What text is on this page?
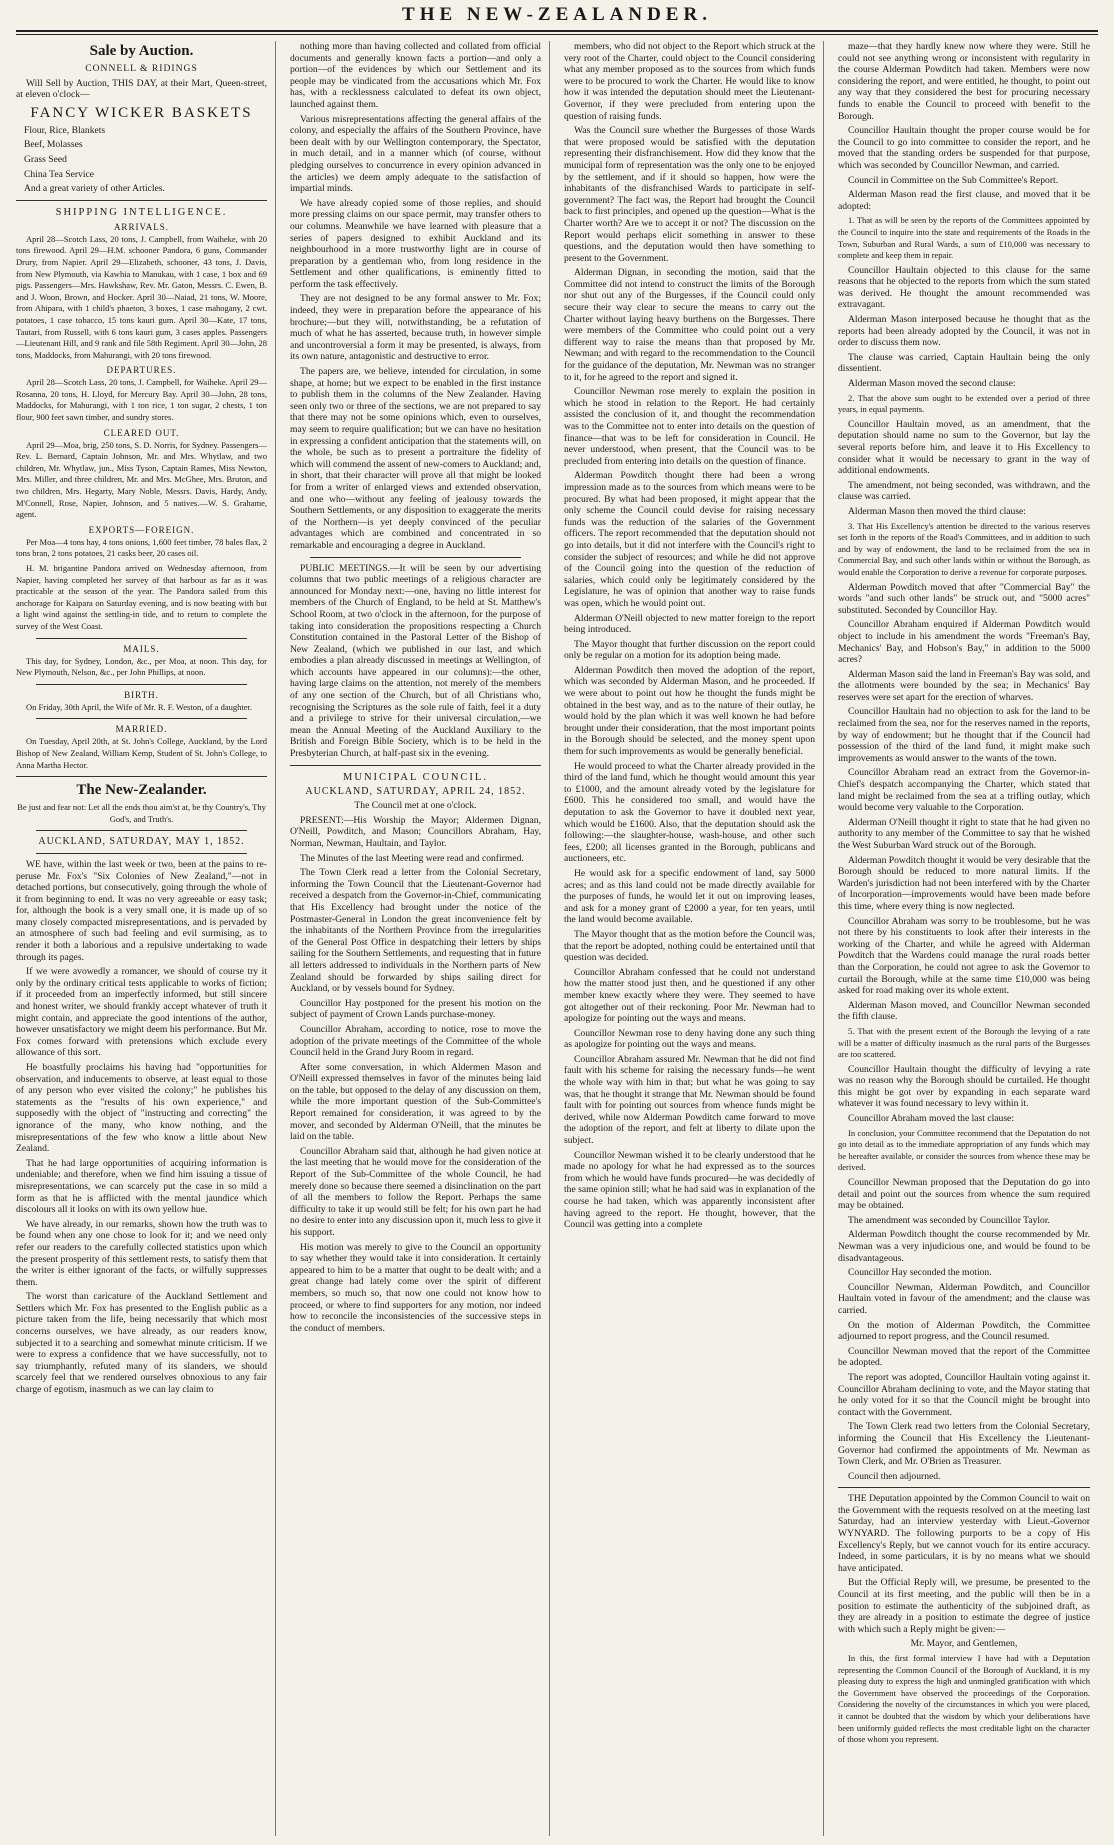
THE NEW-ZEALANDER.
Sale by Auction.
CONNELL & RIDINGS

Will Sell by Auction, THIS DAY, at their Mart, Queen-street, at eleven o'clock—

FANCY WICKER BASKETS

Flour, Rice, Blankets

Beef, Molasses

Grass Seed

China Tea Service

And a great variety of other Articles.

SHIPPING INTELLIGENCE.
ARRIVALS.

April 28—Scotch Lass, 20 tons, J. Campbell, from Waiheke, with 20 tons firewood. April 29—H.M. schooner Pandora, 6 guns, Commander Drury, from Napier. April 29—Elizabeth, schooner, 43 tons, J. Davis, from New Plymouth, via Kawhia to Manukau, with 1 case, 1 box and 69 pigs. Passengers—Mrs. Hawkshaw, Rev. Mr. Gaton, Messrs. C. Ewen, B. and J. Woon, Brown, and Hocker. April 30—Naiad, 21 tons, W. Moore, from Ahipara, with 1 child's phaeton, 3 boxes, 1 case mahogany, 2 cwt. potatoes, 1 case tobacco, 15 tons kauri gum. April 30—Kate, 17 tons, Tautari, from Russell, with 6 tons kauri gum, 3 cases apples. Passengers—Lieutenant Hill, and 9 rank and file 58th Regiment. April 30—John, 28 tons, Maddocks, from Mahurangi, with 20 tons firewood.

DEPARTURES.

April 28—Scotch Lass, 20 tons, J. Campbell, for Waiheke. April 29—Rosanna, 20 tons, H. Lloyd, for Mercury Bay. April 30—John, 28 tons, Maddocks, for Mahurangi, with 1 ton rice, 1 ton sugar, 2 chests, 1 ton flour, 900 feet sawn timber, and sundry stores.

CLEARED OUT.

April 29—Moa, brig, 250 tons, S. D. Norris, for Sydney. Passengers—Rev. L. Bernard, Captain Johnson, Mr. and Mrs. Whytlaw, and two children, Mr. Whytlaw, jun., Miss Tyson, Captain Rames, Miss Newton, Mrs. Miller, and three children, Mr. and Mrs. McGhee, Mrs. Bruton, and two children, Mrs. Hegarty, Mary Noble, Messrs. Davis, Hardy, Andy, M'Connell, Rose, Napier, Johnson, and 5 natives.—W. S. Grahame, agent.

EXPORTS—FOREIGN.

Per Moa—4 tons hay, 4 tons onions, 1,600 feet timber, 78 bales flax, 2 tons bran, 2 tons potatoes, 21 casks beer, 20 cases oil.

H. M. brigantine Pandora arrived on Wednesday afternoon, from Napier, having completed her survey of that harbour as far as it was practicable at the season of the year. The Pandora sailed from this anchorage for Kaipara on Saturday evening, and is now beating with but a light wind against the settling-in tide, and to return to complete the survey of the West Coast.

MAILS.

This day, for Sydney, London, &c., per Moa, at noon. This day, for New Plymouth, Nelson, &c., per John Phillips, at noon.

BIRTH.

On Friday, 30th April, the Wife of Mr. R. F. Weston, of a daughter.

MARRIED.

On Tuesday, April 20th, at St. John's College, Auckland, by the Lord Bishop of New Zealand, William Kemp, Student of St. John's College, to Anna Martha Hector.

The New-Zealander.

Be just and fear not: Let all the ends thou aim'st at, be thy Country's, Thy God's, and Truth's.

AUCKLAND, SATURDAY, MAY 1, 1852.

WE have, within the last week or two, been at the pains to re-peruse Mr. Fox's "Six Colonies of New Zealand,"—not in detached portions, but consecutively, going through the whole of it from beginning to end. It was no very agreeable or easy task; for, although the book is a very small one, it is made up of so many closely compacted misrepresentations, and is pervaded by an atmosphere of such bad feeling and evil surmising, as to render it both a laborious and a repulsive undertaking to wade through its pages.

If we were avowedly a romancer, we should of course try it only by the ordinary critical tests applicable to works of fiction; if it proceeded from an imperfectly informed, but still sincere and honest writer, we should frankly accept whatever of truth it might contain, and appreciate the good intentions of the author, however unsatisfactory we might deem his performance. But Mr. Fox comes forward with pretensions which exclude every allowance of this sort.

He boastfully proclaims his having had "opportunities for observation, and inducements to observe, at least equal to those of any person who ever visited the colony;" he publishes his statements as the "results of his own experience," and supposedly with the object of "instructing and correcting" the ignorance of the many, who know nothing, and the misrepresentations of the few who know a little about New Zealand.

That he had large opportunities of acquiring information is undeniable; and therefore, when we find him issuing a tissue of misrepresentations, we can scarcely put the case in so mild a form as that he is afflicted with the mental jaundice which discolours all it looks on with its own yellow hue.

We have already, in our remarks, shown how the truth was to be found when any one chose to look for it; and we need only refer our readers to the carefully collected statistics upon which the present prosperity of this settlement rests, to satisfy them that the writer is either ignorant of the facts, or wilfully suppresses them.

The worst than caricature of the Auckland Settlement and Settlers which Mr. Fox has presented to the English public as a picture taken from the life, being necessarily that which most concerns ourselves, we have already, as our readers know, subjected it to a searching and somewhat minute criticism. If we were to express a confidence that we have successfully, not to say triumphantly, refuted many of its slanders, we should scarcely feel that we rendered ourselves obnoxious to any fair charge of egotism, inasmuch as we can lay claim to

nothing more than having collected and collated from official documents and generally known facts a portion—and only a portion—of the evidences by which our Settlement and its people may be vindicated from the accusations which Mr. Fox has, with a recklessness calculated to defeat its own object, launched against them.

Various misrepresentations affecting the general affairs of the colony, and especially the affairs of the Southern Province, have been dealt with by our Wellington contemporary, the Spectator, in much detail, and in a manner which (of course, without pledging ourselves to concurrence in every opinion advanced in the articles) we deem amply adequate to the satisfaction of impartial minds.

We have already copied some of those replies, and should more pressing claims on our space permit, may transfer others to our columns. Meanwhile we have learned with pleasure that a series of papers designed to exhibit Auckland and its neighbourhood in a more trustworthy light are in course of preparation by a gentleman who, from long residence in the Settlement and other qualifications, is eminently fitted to perform the task effectively.

They are not designed to be any formal answer to Mr. Fox; indeed, they were in preparation before the appearance of his brochure;—but they will, notwithstanding, be a refutation of much of what he has asserted, because truth, in however simple and uncontroversial a form it may be presented, is always, from its own nature, antagonistic and destructive to error.

The papers are, we believe, intended for circulation, in some shape, at home; but we expect to be enabled in the first instance to publish them in the columns of the New Zealander. Having seen only two or three of the sections, we are not prepared to say that there may not be some opinions which, even to ourselves, may seem to require qualification; but we can have no hesitation in expressing a confident anticipation that the statements will, on the whole, be such as to present a portraiture the fidelity of which will commend the assent of new-comers to Auckland; and, in short, that their character will prove all that might be looked for from a writer of enlarged views and extended observation, and one who—without any feeling of jealousy towards the Southern Settlements, or any disposition to exaggerate the merits of the Northern—is yet deeply convinced of the peculiar advantages which are combined and concentrated in so remarkable and encouraging a degree in Auckland.

PUBLIC MEETINGS.—It will be seen by our advertising columns that two public meetings of a religious character are announced for Monday next:—one, having no little interest for members of the Church of England, to be held at St. Matthew's School Room, at two o'clock in the afternoon, for the purpose of taking into consideration the propositions respecting a Church Constitution contained in the Pastoral Letter of the Bishop of New Zealand, (which we published in our last, and which embodies a plan already discussed in meetings at Wellington, of which accounts have appeared in our columns):—the other, having large claims on the attention, not merely of the members of any one section of the Church, but of all Christians who, recognising the Scriptures as the sole rule of faith, feel it a duty and a privilege to strive for their universal circulation,—we mean the Annual Meeting of the Auckland Auxiliary to the British and Foreign Bible Society, which is to be held in the Presbyterian Church, at half-past six in the evening.

MUNICIPAL COUNCIL.

AUCKLAND, SATURDAY, APRIL 24, 1852.

The Council met at one o'clock.

PRESENT:—His Worship the Mayor; Aldermen Dignan, O'Neill, Powditch, and Mason; Councillors Abraham, Hay, Norman, Newman, Haultain, and Taylor.

The Minutes of the last Meeting were read and confirmed.

The Town Clerk read a letter from the Colonial Secretary, informing the Town Council that the Lieutenant-Governor had received a despatch from the Governor-in-Chief, communicating that His Excellency had brought under the notice of the Postmaster-General in London the great inconvenience felt by the inhabitants of the Northern Province from the irregularities of the General Post Office in despatching their letters by ships sailing for the Southern Settlements, and requesting that in future all letters addressed to individuals in the Northern parts of New Zealand should be forwarded by ships sailing direct for Auckland, or by vessels bound for Sydney.

Councillor Hay postponed for the present his motion on the subject of payment of Crown Lands purchase-money.

Councillor Abraham, according to notice, rose to move the adoption of the private meetings of the Committee of the whole Council held in the Grand Jury Room in regard.

After some conversation, in which Aldermen Mason and O'Neill expressed themselves in favor of the minutes being laid on the table, but opposed to the delay of any discussion on them, while the more important question of the Sub-Committee's Report remained for consideration, it was agreed to by the mover, and seconded by Alderman O'Neill, that the minutes be laid on the table.

Councillor Abraham said that, although he had given notice at the last meeting that he would move for the consideration of the Report of the Sub-Committee of the whole Council, he had merely done so because there seemed a disinclination on the part of all the members to follow the Report. Perhaps the same difficulty to take it up would still be felt; for his own part he had no desire to enter into any discussion upon it, much less to give it his support.

His motion was merely to give to the Council an opportunity to say whether they would take it into consideration. It certainly appeared to him to be a matter that ought to be dealt with; and a great change had lately come over the spirit of different members, so much so, that now one could not know how to proceed, or where to find supporters for any motion, nor indeed how to reconcile the inconsistencies of the successive steps in the conduct of members.

members, who did not object to the Report which struck at the very root of the Charter, could object to the Council considering what any member proposed as to the sources from which funds were to be procured to work the Charter. He would like to know how it was intended the deputation should meet the Lieutenant-Governor, if they were precluded from entering upon the question of raising funds.

Was the Council sure whether the Burgesses of those Wards that were proposed would be satisfied with the deputation representing their disfranchisement. How did they know that the municipal form of representation was the only one to be enjoyed by the settlement, and if it should so happen, how were the inhabitants of the disfranchised Wards to participate in self-government? The fact was, the Report had brought the Council back to first principles, and opened up the question—What is the Charter worth? Are we to accept it or not? The discussion on the Report would perhaps elicit something in answer to these questions, and the deputation would then have something to present to the Government.

Alderman Dignan, in seconding the motion, said that the Committee did not intend to construct the limits of the Borough nor shut out any of the Burgesses, if the Council could only secure their way clear to secure the means to carry out the Charter without laying heavy burthens on the Burgesses. There were members of the Committee who could point out a very different way to raise the means than that proposed by Mr. Newman; and with regard to the recommendation to the Council for the guidance of the deputation, Mr. Newman was no stranger to it, for he agreed to the report and signed it.

Councillor Newman rose merely to explain the position in which he stood in relation to the Report. He had certainly assisted the conclusion of it, and thought the recommendation was to the Committee not to enter into details on the question of finance—that was to be left for consideration in Council. He never understood, when present, that the Council was to be precluded from entering into details on the question of finance.

Alderman Powditch thought there had been a wrong impression made as to the sources from which means were to be procured. By what had been proposed, it might appear that the only scheme the Council could devise for raising necessary funds was the reduction of the salaries of the Government officers. The report recommended that the deputation should not go into details, but it did not interfere with the Council's right to consider the subject of resources; and while he did not approve of the Council going into the question of the reduction of salaries, which could only be legitimately considered by the Legislature, he was of opinion that another way to raise funds was open, which he would point out.

Alderman O'Neill objected to new matter foreign to the report being introduced.

The Mayor thought that further discussion on the report could only be regular on a motion for its adoption being made.

Alderman Powditch then moved the adoption of the report, which was seconded by Alderman Mason, and he proceeded. If we were about to point out how he thought the funds might be obtained in the best way, and as to the nature of their outlay, he would hold by the plan which it was well known he had before brought under their consideration, that the most important points in the Borough should be selected, and the money spent upon them for such improvements as would be generally beneficial.

He would proceed to what the Charter already provided in the third of the land fund, which he thought would amount this year to £1000, and the amount already voted by the legislature for £600. This he considered too small, and would have the deputation to ask the Governor to have it doubled next year, which would be £1600. Also, that the deputation should ask the following:—the slaughter-house, wash-house, and other such fees, £200; all licenses granted in the Borough, publicans and auctioneers, etc.

He would ask for a specific endowment of land, say 5000 acres; and as this land could not be made directly available for the purposes of funds, he would let it out on improving leases, and ask for a money grant of £2000 a year, for ten years, until the land would become available.

The Mayor thought that as the motion before the Council was, that the report be adopted, nothing could be entertained until that question was decided.

Councillor Abraham confessed that he could not understand how the matter stood just then, and he questioned if any other member knew exactly where they were. They seemed to have got altogether out of their reckoning. Poor Mr. Newman had to apologize for pointing out the ways and means.

Councillor Newman rose to deny having done any such thing as apologize for pointing out the ways and means.

Councillor Abraham assured Mr. Newman that he did not find fault with his scheme for raising the necessary funds—he went the whole way with him in that; but what he was going to say was, that he thought it strange that Mr. Newman should be found fault with for pointing out sources from whence funds might be derived, while now Alderman Powditch came forward to move the adoption of the report, and felt at liberty to dilate upon the subject.

Councillor Newman wished it to be clearly understood that he made no apology for what he had expressed as to the sources from which he would have funds procured—he was decidedly of the same opinion still; what he had said was in explanation of the course he had taken, which was apparently inconsistent after having agreed to the report. He thought, however, that the Council was getting into a complete

maze—that they hardly knew now where they were. Still he could not see anything wrong or inconsistent with regularity in the course Alderman Powditch had taken. Members were now considering the report, and were entitled, he thought, to point out any way that they considered the best for procuring necessary funds to enable the Council to proceed with benefit to the Borough.

Councillor Haultain thought the proper course would be for the Council to go into committee to consider the report, and he moved that the standing orders be suspended for that purpose, which was seconded by Councillor Newman, and carried.

Council in Committee on the Sub Committee's Report.

Alderman Mason read the first clause, and moved that it be adopted:

1. That as will be seen by the reports of the Committees appointed by the Council to inquire into the state and requirements of the Roads in the Town, Suburban and Rural Wards, a sum of £10,000 was necessary to complete and keep them in repair.

Councillor Haultain objected to this clause for the same reasons that he objected to the reports from which the sum stated was derived. He thought the amount recommended was extravagant.

Alderman Mason interposed because he thought that as the reports had been already adopted by the Council, it was not in order to discuss them now.

The clause was carried, Captain Haultain being the only dissentient.

Alderman Mason moved the second clause:

2. That the above sum ought to be extended over a period of three years, in equal payments.

Councillor Haultain moved, as an amendment, that the deputation should name no sum to the Governor, but lay the several reports before him, and leave it to His Excellency to consider what it would be necessary to grant in the way of additional endowments.

The amendment, not being seconded, was withdrawn, and the clause was carried.

Alderman Mason then moved the third clause:

3. That His Excellency's attention be directed to the various reserves set forth in the reports of the Road's Committees, and in addition to such and by way of endowment, the land to be reclaimed from the sea in Commercial Bay, and such other lands within or without the Borough, as would enable the Corporation to derive a revenue for corporate purposes.

Alderman Powditch moved that after "Commercial Bay" the words "and such other lands" be struck out, and "5000 acres" substituted. Seconded by Councillor Hay.

Councillor Abraham enquired if Alderman Powditch would object to include in his amendment the words "Freeman's Bay, Mechanics' Bay, and Hobson's Bay," in addition to the 5000 acres?

Alderman Mason said the land in Freeman's Bay was sold, and the allotments were bounded by the sea; in Mechanics' Bay reserves were set apart for the erection of wharves.

Councillor Haultain had no objection to ask for the land to be reclaimed from the sea, nor for the reserves named in the reports, by way of endowment; but he thought that if the Council had possession of the third of the land fund, it might make such improvements as would answer to the wants of the town.

Councillor Abraham read an extract from the Governor-in-Chief's despatch accompanying the Charter, which stated that land might be reclaimed from the sea at a trifling outlay, which would become very valuable to the Corporation.

Alderman O'Neill thought it right to state that he had given no authority to any member of the Committee to say that he wished the West Suburban Ward struck out of the Borough.

Alderman Powditch thought it would be very desirable that the Borough should be reduced to more natural limits. If the Warden's jurisdiction had not been interfered with by the Charter of Incorporation—improvements would have been made before this time, where every thing is now neglected.

Councillor Abraham was sorry to be troublesome, but he was not there by his constituents to look after their interests in the working of the Charter, and while he agreed with Alderman Powditch that the Wardens could manage the rural roads better than the Corporation, he could not agree to ask the Governor to curtail the Borough, while at the same time £10,000 was being asked for road making over its whole extent.

Alderman Mason moved, and Councillor Newman seconded the fifth clause.

5. That with the present extent of the Borough the levying of a rate will be a matter of difficulty inasmuch as the rural parts of the Burgesses are too scattered.

Councillor Haultain thought the difficulty of levying a rate was no reason why the Borough should be curtailed. He thought this might be got over by expanding in each separate ward whatever it was found necessary to levy within it.

Councillor Abraham moved the last clause:

In conclusion, your Committee recommend that the Deputation do not go into detail as to the immediate appropriation of any funds which may be hereafter available, or consider the sources from whence these may be derived.

Councillor Newman proposed that the Deputation do go into detail and point out the sources from whence the sum required may be obtained.

The amendment was seconded by Councillor Taylor.

Alderman Powditch thought the course recommended by Mr. Newman was a very injudicious one, and would be found to be disadvantageous.

Councillor Hay seconded the motion.

Councillor Newman, Alderman Powditch, and Councillor Haultain voted in favour of the amendment; and the clause was carried.

On the motion of Alderman Powditch, the Committee adjourned to report progress, and the Council resumed.

Councillor Newman moved that the report of the Committee be adopted.

The report was adopted, Councillor Haultain voting against it. Councillor Abraham declining to vote, and the Mayor stating that he only voted for it so that the Council might be brought into contact with the Government.

The Town Clerk read two letters from the Colonial Secretary, informing the Council that His Excellency the Lieutenant-Governor had confirmed the appointments of Mr. Newman as Town Clerk, and Mr. O'Brien as Treasurer.

Council then adjourned.

THE Deputation appointed by the Common Council to wait on the Government with the requests resolved on at the meeting last Saturday, had an interview yesterday with Lieut.-Governor WYNYARD. The following purports to be a copy of His Excellency's Reply, but we cannot vouch for its entire accuracy. Indeed, in some particulars, it is by no means what we should have anticipated.

But the Official Reply will, we presume, be presented to the Council at its first meeting, and the public will then be in a position to estimate the authenticity of the subjoined draft, as they are already in a position to estimate the degree of justice with which such a Reply might be given:—

Mr. Mayor, and Gentlemen,

In this, the first formal interview I have had with a Deputation representing the Common Council of the Borough of Auckland, it is my pleasing duty to express the high and unmingled gratification with which the Government have observed the proceedings of the Corporation. Considering the novelty of the circumstances in which you were placed, it cannot be doubted that the wisdom by which your deliberations have been uniformly guided reflects the most creditable light on the character of those whom you represent.
